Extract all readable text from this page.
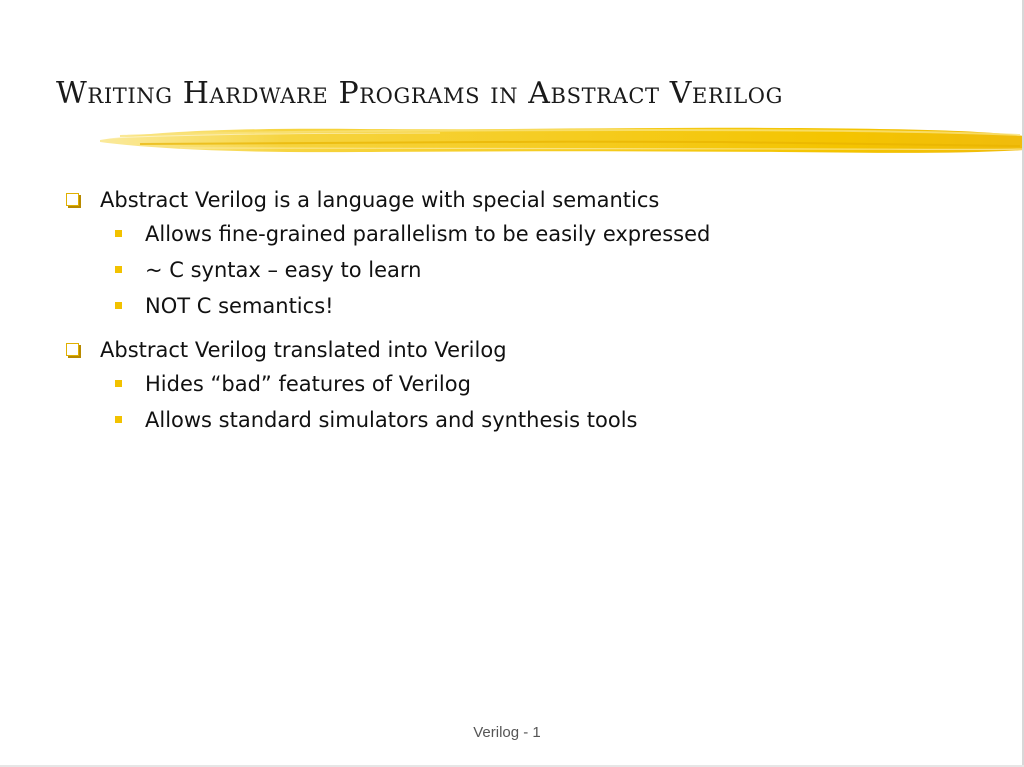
Writing Hardware Programs in Abstract Verilog
Abstract Verilog is a language with special semantics
Allows fine-grained parallelism to be easily expressed
~ C syntax – easy to learn
NOT C semantics!
Abstract Verilog translated into Verilog
Hides “bad” features of Verilog
Allows standard simulators and synthesis tools
Verilog - 1
